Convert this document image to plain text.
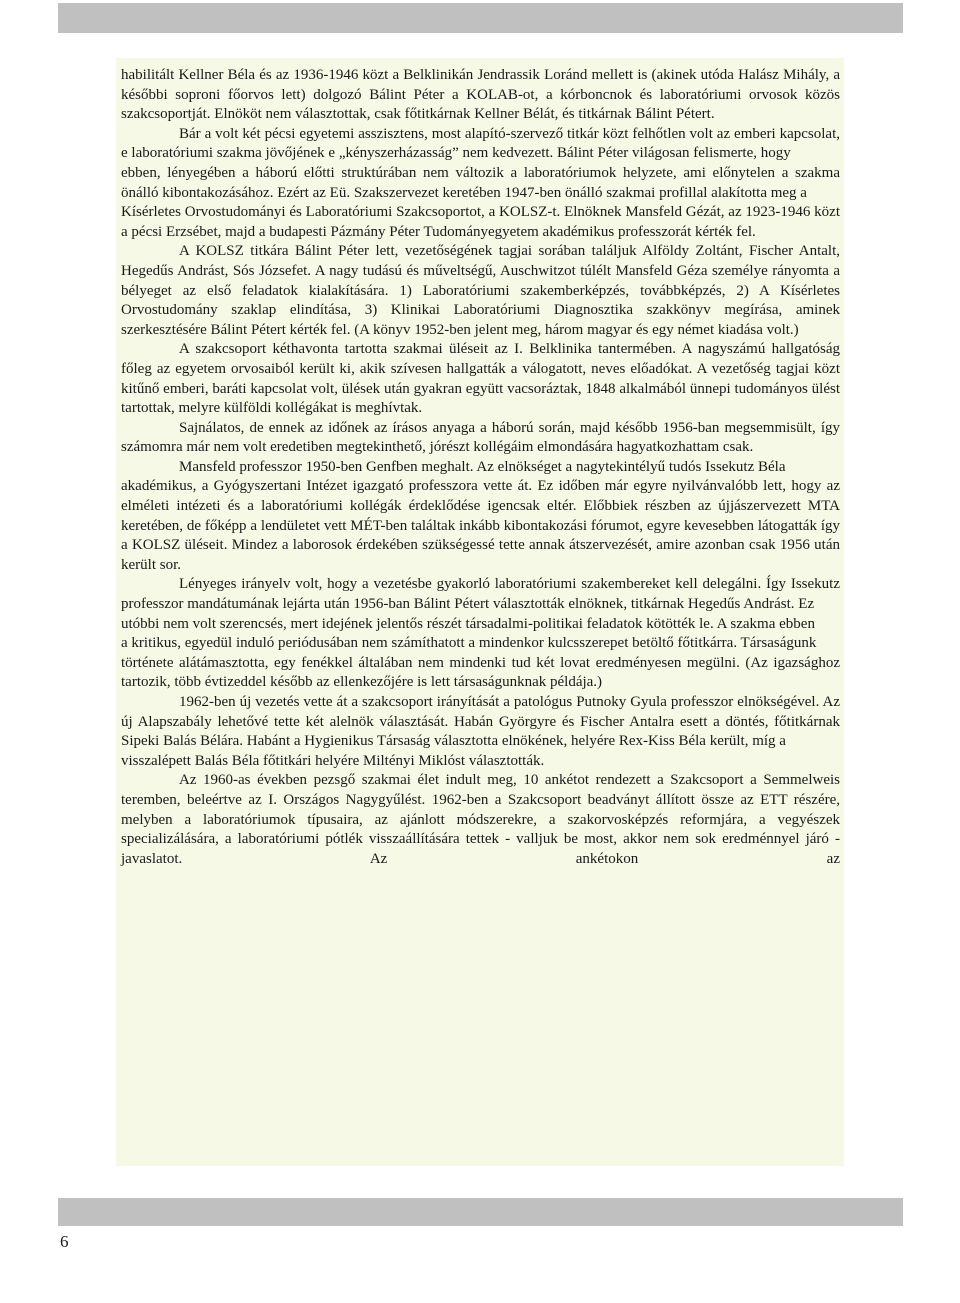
habilitált Kellner Béla és az 1936-1946 közt a Belklinikán Jendrassik Loránd mellett is (akinek utóda Halász Mihály, a későbbi soproni főorvos lett) dolgozó Bálint Péter a KOLAB-ot, a kórboncnok és laboratóriumi orvosok közös szakcsoportját. Elnököt nem választottak, csak főtitkárnak Kellner Bélát, és titkárnak Bálint Pétert.

Bár a volt két pécsi egyetemi asszisztens, most alapító-szervező titkár közt felhőtlen volt az emberi kapcsolat, e laboratóriumi szakma jövőjének e „kényszerházasság” nem kedvezett. Bálint Péter világosan felismerte, hogy

ebben, lényegében a háború előtti struktúrában nem változik a laboratóriumok helyzete, ami előnytelen a szakma önálló kibontakozásához. Ezért az Eü. Szakszervezet keretében 1947-ben önálló szakmai profillal alakította meg a

Kísérletes Orvostudományi és Laboratóriumi Szakcsoportot, a KOLSZ-t. Elnöknek Mansfeld Gézát, az 1923-1946 közt a pécsi Erzsébet, majd a budapesti Pázmány Péter Tudományegyetem akadémikus professzorát kérték fel.

A KOLSZ titkára Bálint Péter lett, vezetőségének tagjai sorában találjuk Alföldy Zoltánt, Fischer Antalt, Hegedűs Andrást, Sós Józsefet. A nagy tudású és műveltségű, Auschwitzot túlélt Mansfeld Géza személye rányomta a bélyeget az első feladatok kialakítására. 1) Laboratóriumi szakemberképzés, továbbképzés, 2) A Kísérletes Orvostudomány szaklap elindítása, 3) Klinikai Laboratóriumi Diagnosztika szakkönyv megírása, aminek szerkesztésére Bálint Pétert kérték fel. (A könyv 1952-ben jelent meg, három magyar és egy német kiadása volt.)

A szakcsoport kéthavonta tartotta szakmai üléseit az I. Belklinika tantermében. A nagyszámú hallgatóság főleg az egyetem orvosaiból került ki, akik szívesen hallgatták a válogatott, neves előadókat. A vezetőség tagjai közt kitűnő emberi, baráti kapcsolat volt, ülések után gyakran együtt vacsoráztak, 1848 alkalmából ünnepi tudományos ülést tartottak, melyre külföldi kollégákat is meghívtak.

Sajnálatos, de ennek az időnek az írásos anyaga a háború során, majd később 1956-ban megsemmisült, így számomra már nem volt eredetiben megtekinthető, jórészt kollégáim elmondására hagyatkozhattam csak.

Mansfeld professzor 1950-ben Genfben meghalt. Az elnökséget a nagytekintélyű tudós Issekutz Béla

akadémikus, a Gyógyszertani Intézet igazgató professzora vette át. Ez időben már egyre nyilvánvalóbb lett, hogy az elméleti intézeti és a laboratóriumi kollégák érdeklődése igencsak eltér. Előbbiek részben az újjászervezett MTA keretében, de főképp a lendületet vett MÉT-ben találtak inkább kibontakozási fórumot, egyre kevesebben látogatták így a KOLSZ üléseit. Mindez a laborosok érdekében szükségessé tette annak átszervezését, amire azonban csak 1956 után került sor.

Lényeges irányelv volt, hogy a vezetésbe gyakorló laboratóriumi szakembereket kell delegálni. Így Issekutz professzor mandátumának lejárta után 1956-ban Bálint Pétert választották elnöknek, titkárnak Hegedűs Andrást. Ez

utóbbi nem volt szerencsés, mert idejének jelentős részét társadalmi-politikai feladatok kötötték le. A szakma ebben

a kritikus, egyedül induló periódusában nem számíthatott a mindenkor kulcsszerepet betöltő főtitkárra. Társaságunk

története alátámasztotta, egy fenékkel általában nem mindenki tud két lovat eredményesen megülni. (Az igazsághoz tartozik, több évtizeddel később az ellenkezőjére is lett társaságunknak példája.)

1962-ben új vezetés vette át a szakcsoport irányítását a patológus Putnoky Gyula professzor elnökségével. Az új Alapszabály lehetővé tette két alelnök választását. Habán Györgyre és Fischer Antalra esett a döntés, főtitkárnak Sipeki Balás Bélára. Habánt a Hygienikus Társaság választotta elnökének, helyére Rex-Kiss Béla került, míg a

visszalépett Balás Béla főtitkári helyére Miltényi Miklóst választották.

Az 1960-as években pezsgő szakmai élet indult meg, 10 ankétot rendezett a Szakcsoport a Semmelweis teremben, beleértve az I. Országos Nagygyűlést. 1962-ben a Szakcsoport beadványt állított össze az ETT részére, melyben a laboratóriumok típusaira, az ajánlott módszerekre, a szakorvosképzés reformjára, a vegyészek specializálására, a laboratóriumi pótlék visszaállítására tettek - valljuk be most, akkor nem sok eredménnyel járó - javaslatot. Az ankétokon az

6
